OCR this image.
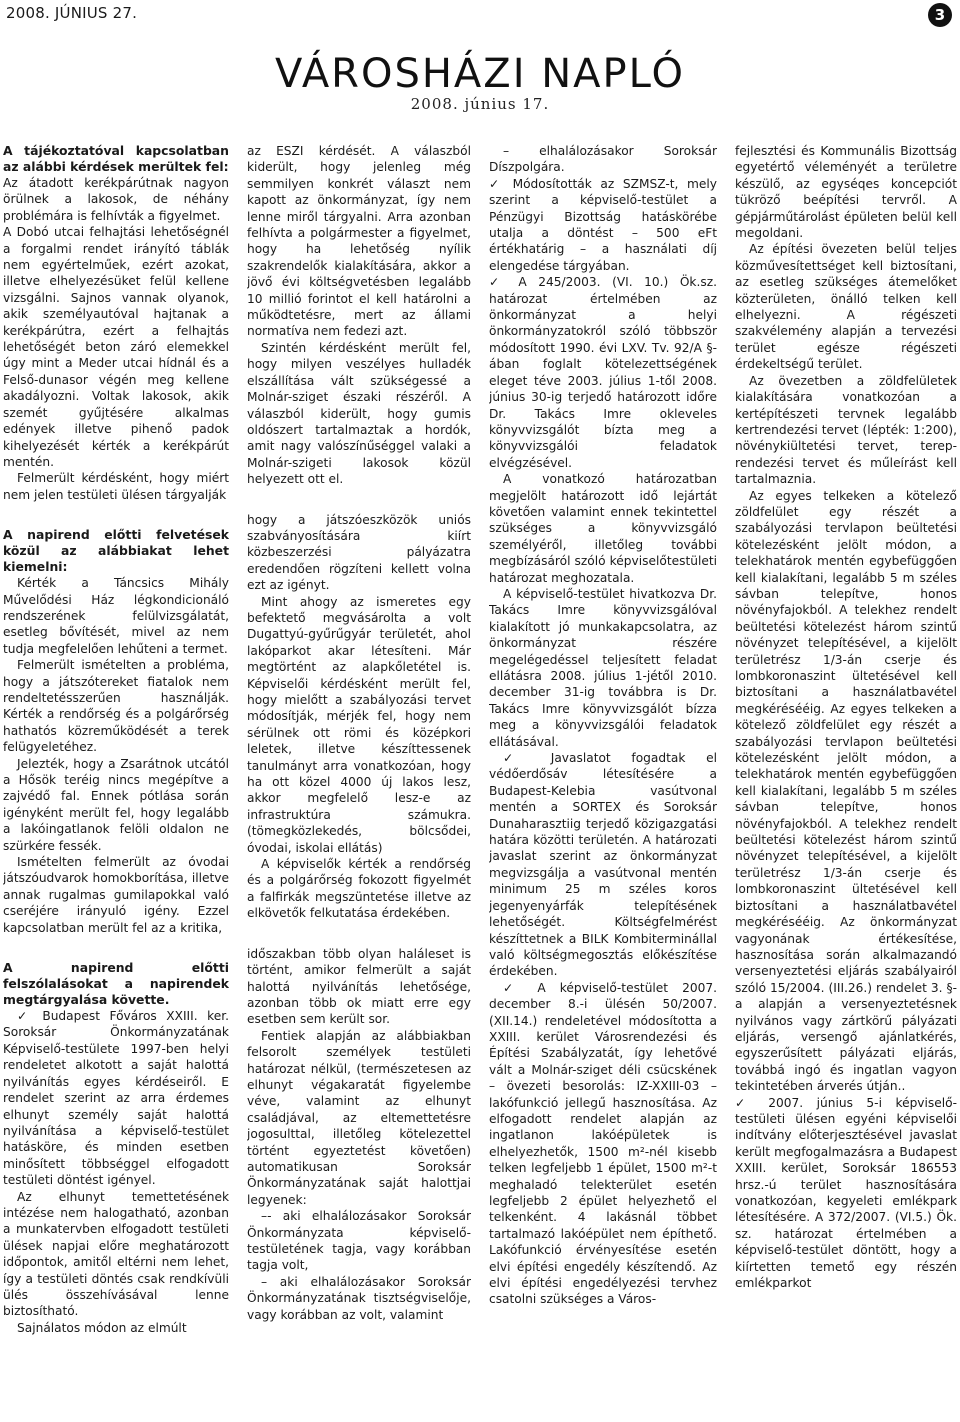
2008. JÚNIUS 27.	3
VÁROSHÁZI NAPLÓ
2008. június 17.
A tájékoztatóval kapcsolatban az alábbi kérdések merültek fel:

Az átadott kerékpárútnak nagyon örülnek a lakosok, de néhány problémára is felhívták a figyelmet.

A Dobó utcai felhajtási lehetőségnél a forgalmi rendet irányító táblák nem egyértelműek, ezért azokat, illetve elhelyezésüket felül kellene vizsgálni. Sajnos vannak olyanok, akik személyautóval hajtanak a kerékpárútra, ezért a felhajtás lehetőségét beton záró elemekkel úgy mint a Meder utcai hídnál és a Felső-dunasor végén meg kellene akadályozni. Voltak lakosok, akik szemét gyűjtésére alkalmas edények illetve pihenő padok kihelyezését kérték a kerékpárút mentén.

Felmerült kérdésként, hogy miért nem jelen testületi ülésen tárgyalják

A napirend előtti felvetések közül az alábbiakat lehet kiemelni:

Kérték a Táncsics Mihály Művelődési Ház légkondicionáló rendszerének felülvizsgálatát, esetleg bővítését, mivel az nem tudja megfelelően lehűteni a termet.

Felmerült ismételten a probléma, hogy a játszótereket fiatalok nem rendeltetésszerűen használják. Kérték a rendőrség és a polgárőrség hathatós közreműködését a terek felügyeletéhez.

Jelezték, hogy a Zsarátnok utcától a Hősök teréig nincs megépítve a zajvédő fal. Ennek pótlása során igényként merült fel, hogy legalább a lakóingatlanok felöli oldalon ne szürkére fessék.

Ismételten felmerült az óvodai játszóudvarok homokborítása, illetve annak rugalmas gumilapokkal való cseréjére irányuló igény. Ezzel kapcsolatban merült fel az a kritika,

A napirend előtti felszólalásokat a napirendek megtárgyalása követte.

✓ Budapest Főváros XXIII. ker. Soroksár Önkormányzatának Képviselő-testülete 1997-ben helyi rendeletet alkotott a saját halottá nyilvánítás egyes kérdéseiről. E rendelet szerint az arra érdemes elhunyt személy saját halottá nyilvánítása a képviselő-testület hatásköre, és minden esetben minősített többséggel elfogadott testületi döntést igényel.

Az elhunyt temettetésének intézése nem halogatható, azonban a munkatervben elfogadott testületi ülések napjai előre meghatározott időpontok, amitől eltérni nem lehet, így a testületi döntés csak rendkívüli ülés összehívásával lenne biztosítható.

Sajnálatos módon az elmúlt

az ESZI kérdését. A válaszból kiderült, hogy jelenleg még semmilyen konkrét választ nem kapott az önkormányzat, így nem lenne miről tárgyalni. Arra azonban felhívta a polgármester a figyelmet, hogy ha lehetőség nyílik szakrendelők kialakítására, akkor a jövő évi költségvetésben legalább 10 millió forintot el kell határolni a működtetésre, mert az állami normatíva nem fedezi azt.

Szintén kérdésként merült fel, hogy milyen veszélyes hulladék elszállítása vált szükségessé a Molnár-sziget északi részéről. A válaszból kiderült, hogy gumis oldószert tartalmaztak a hordók, amit nagy valószínűséggel valaki a Molnár-szigeti lakosok közül helyezett ott el.

hogy a játszóeszközök uniós szabványosítására kiírt közbeszerzési pályázatra eredendően rögzíteni kellett volna ezt az igényt.

Mint ahogy az ismeretes egy befektető megvásárolta a volt Dugattyú-gyűrűgyár területét, ahol lakóparkot akar létesíteni. Már megtörtént az alapkőletétel is. Képviselői kérdésként merült fel, hogy mielőtt a szabályozási tervet módosítják, mérjék fel, hogy nem sérülnek ott römi és középkori leletek, illetve készíttessenek tanulmányt arra vonatkozóan, hogy ha ott közel 4000 új lakos lesz, akkor megfelelő lesz-e az infrastruktúra számukra. (tömegközlekedés, bölcsődei, óvodai, iskolai ellátás)

A képviselők kérték a rendőrség és a polgárőrség fokozott figyelmét a falfirkák megszüntetése illetve az elkövetők felkutatása érdekében.

időszakban több olyan haláleset is történt, amikor felmerült a saját halottá nyilvánítás lehetősége, azonban több ok miatt erre egy esetben sem került sor.

Fentiek alapján az alábbiakban felsorolt személyek testületi határozat nélkül, (természetesen az elhunyt végakaratát figyelembe véve, valamint az elhunyt családjával, az eltemettetésre jogosulttal, illetőleg kötelezettel történt egyeztetést követően) automatikusan Soroksár Önkormányzatának saját halottjai legyenek:

–- aki elhalálozásakor Soroksár Önkormányzata képviselő-testületének tagja, vagy korábban tagja volt,

– aki elhalálozásakor Soroksár Önkormányzatának tisztségviselője, vagy korábban az volt, valamint

– elhalálozásakor Soroksár Díszpolgára.

✓ Módosították az SZMSZ-t, mely szerint a képviselő-testület a Pénzügyi Bizottság hatáskörébe utalja a döntést – 500 eFt értékhatárig – a használati díj elengedése tárgyában.

✓ A 245/2003. (VI. 10.) Ök.sz. határozat értelmében az önkormányzat a helyi önkormányzatokról szóló többször módosított 1990. évi LXV. Tv. 92/A §-ában foglalt kötelezettségének eleget téve 2003. július 1-től 2008. június 30-ig terjedő határozott időre Dr. Takács Imre okleveles könyvvizsgálót bízta meg a könyvvizsgálói feladatok elvégzésével.

A vonatkozó határozatban megjelölt határozott idő lejártát követően valamint ennek tekintettel szükséges a könyvvizsgáló személyéről, illetőleg további megbízásáról szóló képviselőtestületi határozat meghozatala.

A képviselő-testület hivatkozva Dr. Takács Imre könyvvizsgálóval kialakított jó munkakapcsolatra, az önkormányzat részére megelégedéssel teljesített feladat ellátásra 2008. július 1-jétől 2010. december 31-ig továbbra is Dr. Takács Imre könyvvizsgálót bízza meg a könyvvizsgálói feladatok ellátásával.

✓ Javaslatot fogadtak el védőerdősáv létesítésére a Budapest-Kelebia vasútvonal mentén a SORTEX és Soroksár Dunaharasztiig terjedő közigazgatási határa közötti területén. A határozati javaslat szerint az önkormányzat megvizsgálja a vasútvonal mentén minimum 25 m széles koros jegenyenyárfák telepítésének lehetőségét. Költségfelmérést készíttetnek a BILK Kombiterminállal való költségmegosztás előkészítése érdekében.

✓ A képviselő-testület 2007. december 8.-i ülésén 50/2007. (XII.14.) rendeletével módosította a XXIII. kerület Városrendezési és Építési Szabályzatát, így lehetővé vált a Molnár-sziget déli csücskének – övezeti besorolás: IZ-XXIII-03 – lakófunkció jellegű hasznosítása. Az elfogadott rendelet alapján az ingatlanon lakóépületek is elhelyezhetők, 1500 m²-nél kisebb telken legfeljebb 1 épület, 1500 m²-t meghaladó telekterület esetén legfeljebb 2 épület helyezhető el telkenként. 4 lakásnál többet tartalmazó lakóépület nem építhető. Lakófunkció érvényesítése esetén elvi építési engedély készítendő. Az elvi építési engedélyezési tervhez csatolni szükséges a Város-

fejlesztési és Kommunális Bizottság egyetértő véleményét a területre készülő, az egyséqes koncepciót tükröző beépítési tervről. A gépjárműtárolást épületen belül kell megoldani.

Az építési övezeten belül teljes közművesítettséget kell biztosítani, az esetleg szükséges átemelőket közterületen, önálló telken kell elhelyezni. A régészeti szakvélemény alapján a tervezési terület egésze régészeti érdekeltségű terület.

Az övezetben a zöldfelületek kialakítására vonatkozóan a kertépítészeti tervnek legalább kertrendezési tervet (lépték: 1:200), növénykiültetési tervet, terep-rendezési tervet és műleírást kell tartalmaznia.

Az egyes telkeken a kötelező zöldfelület egy részét a szabályozási tervlapon beültetési kötelezésként jelölt módon, a telekhatárok mentén egybefüggően kell kialakítani, legalább 5 m széles sávban telepítve, honos növényfajokból. A telekhez rendelt beültetési kötelezést három szintű növényzet telepítésével, a kijelölt területrész 1/3-án cserje és lombkoronaszint ültetésével kell biztosítani a használatbavétel megkérésééig. Az egyes telkeken a kötelező zöldfelület egy részét a szabályozási tervlapon beültetési kötelezésként jelölt módon, a telekhatárok mentén egybefüggően kell kialakítani, legalább 5 m széles sávban telepítve, honos növényfajokból. A telekhez rendelt beültetési kötelezést három szintű növényzet telepítésével, a kijelölt területrész 1/3-án cserje és lombkoronaszint ültetésével kell biztosítani a használatbavétel megkérésééig. Az önkormányzat vagyonának értékesítése, hasznosítása során alkalmazandó versenyeztetési eljárás szabályairól szóló 15/2004. (III.26.) rendelet 3. §-a alapján a versenyeztetésnek nyilvános vagy zártkörű pályázati eljárás, versengő ajánlatkérés, egyszerűsített pályázati eljárás, továbbá ingó és ingatlan vagyon tekintetében árverés útján..

✓ 2007. június 5-i képviselő-testületi ülésen egyéni képviselői indítvány előterjesztésével javaslat került megfogalmazásra a Budapest XXIII. kerület, Soroksár 186553 hrsz.-ú terület hasznosítására vonatkozóan, kegyeleti emlékpark létesítésére. A 372/2007. (VI.5.) Ök. sz. határozat értelmében a képviselő-testület döntött, hogy a kiírtetten temető egy részén emlékparkot
